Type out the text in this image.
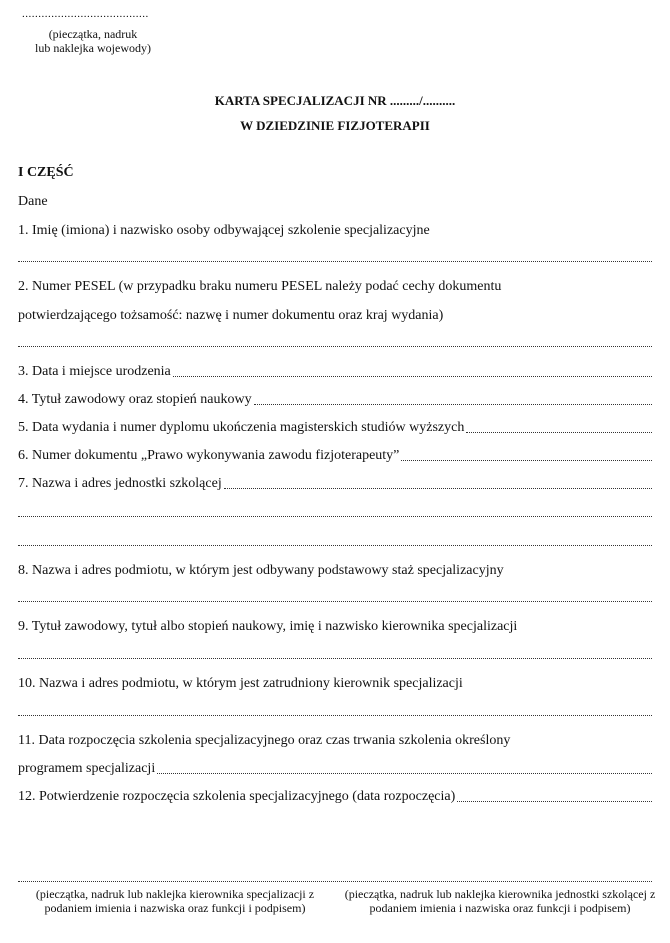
.......................................
(pieczątka, nadruk
lub naklejka wojewody)
KARTA SPECJALIZACJI NR ........./..........
W DZIEDZINIE FIZJOTERAPII
I CZĘŚĆ
Dane
1. Imię (imiona) i nazwisko osoby odbywającej szkolenie specjalizacyjne
2. Numer PESEL (w przypadku braku numeru PESEL należy podać cechy dokumentu
potwierdzającego tożsamość: nazwę i numer dokumentu oraz kraj wydania)
3. Data i miejsce urodzenia
4. Tytuł zawodowy oraz stopień naukowy
5. Data wydania i numer dyplomu ukończenia magisterskich studiów wyższych
6. Numer dokumentu „Prawo wykonywania zawodu fizjoterapeuty”
7. Nazwa i adres jednostki szkolącej
8. Nazwa i adres podmiotu, w którym jest odbywany podstawowy staż specjalizacyjny
9. Tytuł zawodowy, tytuł albo stopień naukowy, imię i nazwisko kierownika specjalizacji
10. Nazwa i adres podmiotu, w którym jest zatrudniony kierownik specjalizacji
11. Data rozpoczęcia szkolenia specjalizacyjnego oraz czas trwania szkolenia określony
programem specjalizacji
12. Potwierdzenie rozpoczęcia szkolenia specjalizacyjnego (data rozpoczęcia)
(pieczątka, nadruk lub naklejka kierownika specjalizacji z podaniem imienia i nazwiska oraz funkcji i podpisem)
(pieczątka, nadruk lub naklejka kierownika jednostki szkolącej z podaniem imienia i nazwiska oraz funkcji i podpisem)
